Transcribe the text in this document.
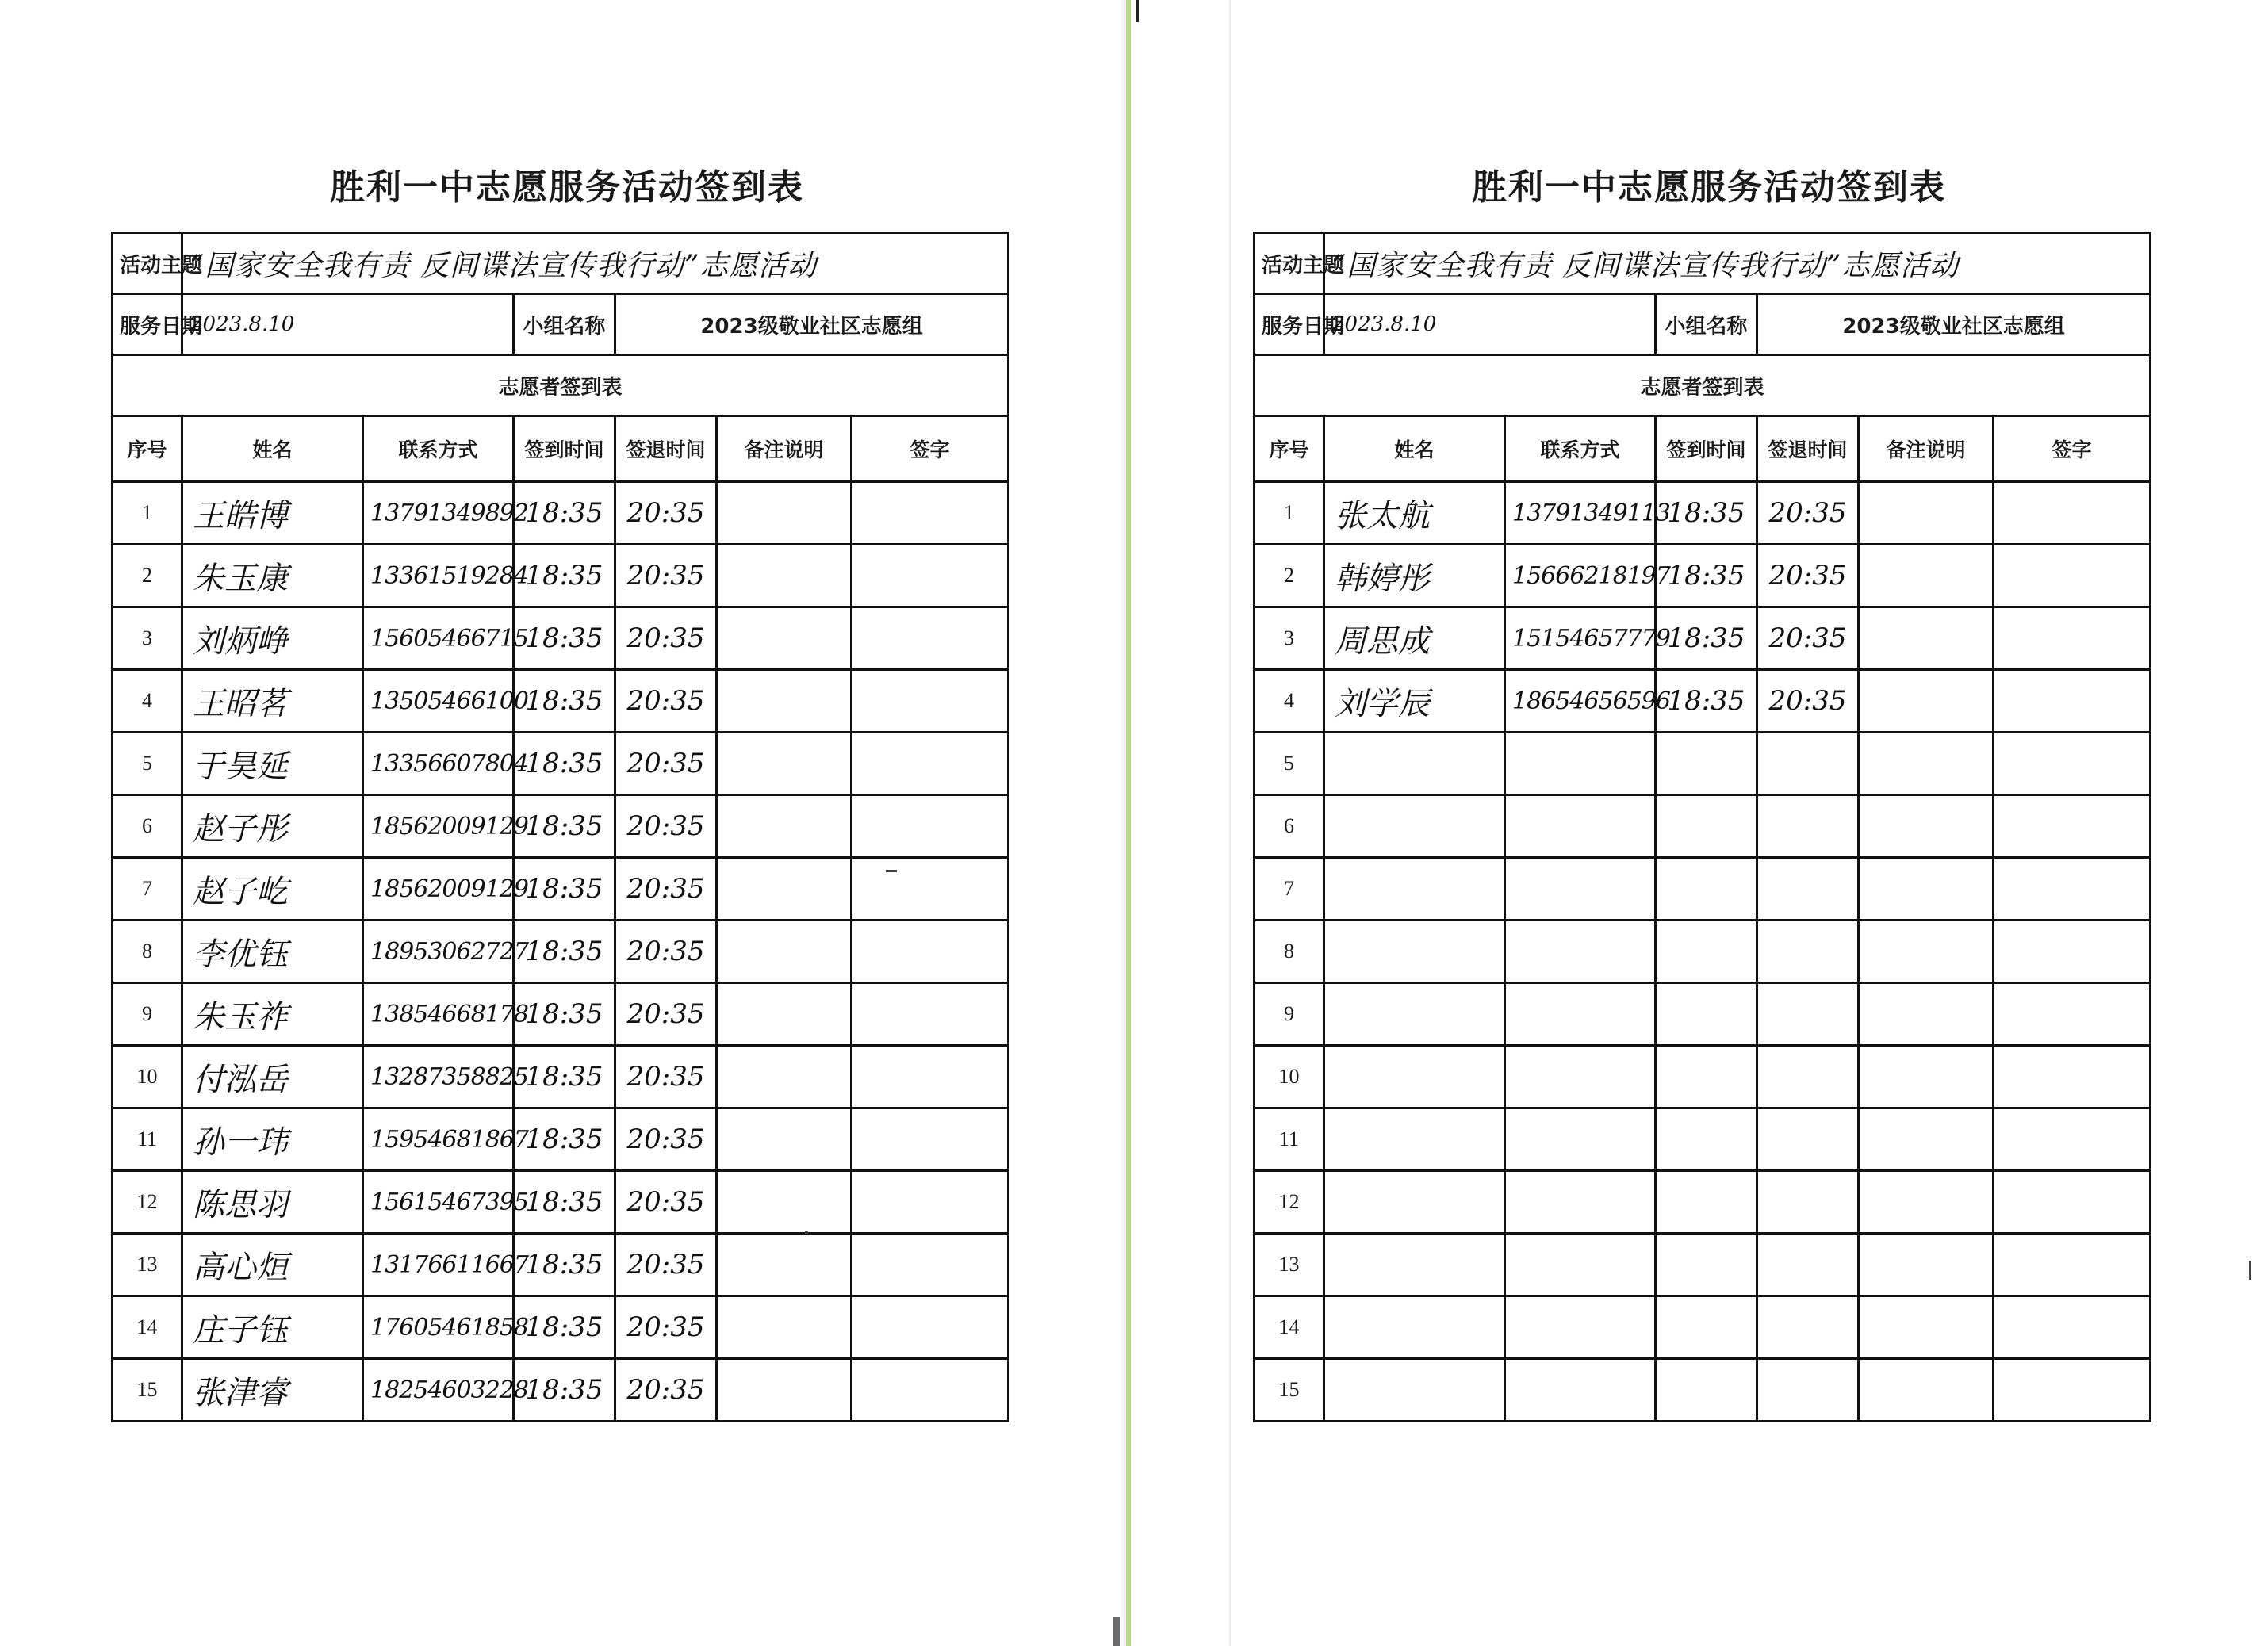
胜利一中志愿服务活动签到表
活动主题	“国家安全我有责 反间谍法宣传我行动”志愿活动					
服务日期	2023.8.10		小组名称	2023级敬业社区志愿组		
志愿者签到表						
序号	姓名	联系方式	签到时间	签退时间	备注说明	签字
1	王皓博	13791349892	18:35	20:35		
2	朱玉康	13361519284	18:35	20:35		
3	刘炳峥	15605466715	18:35	20:35		
4	王昭茗	13505466100	18:35	20:35		
5	于昊延	13356607804	18:35	20:35		
6	赵子彤	18562009129	18:35	20:35		
7	赵子屹	18562009129	18:35	20:35		
8	李优钰	18953062727	18:35	20:35		
9	朱玉祚	13854668178	18:35	20:35		
10	付泓岳	13287358825	18:35	20:35		
11	孙一玮	15954681867	18:35	20:35		
12	陈思羽	15615467395	18:35	20:35		
13	高心烜	13176611667	18:35	20:35		
14	庄子钰	17605461858	18:35	20:35		
15	张津睿	18254603228	18:35	20:35		
胜利一中志愿服务活动签到表
活动主题	“国家安全我有责 反间谍法宣传我行动”志愿活动					
服务日期	2023.8.10		小组名称	2023级敬业社区志愿组		
志愿者签到表						
序号	姓名	联系方式	签到时间	签退时间	备注说明	签字
1	张太航	13791349113	18:35	20:35		
2	韩婷彤	15666218197	18:35	20:35		
3	周思成	15154657779	18:35	20:35		
4	刘学辰	18654656596	18:35	20:35		
5						
6						
7						
8						
9						
10						
11						
12						
13						
14						
15						
